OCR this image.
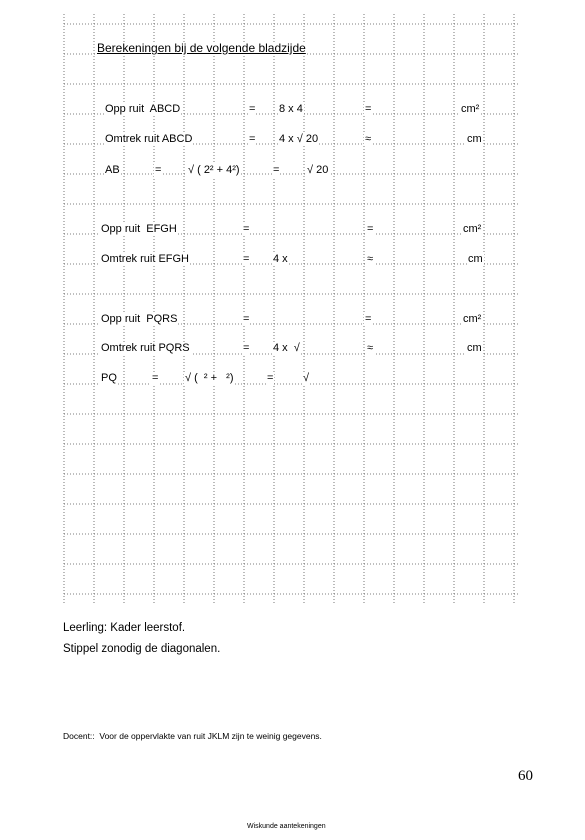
Berekeningen bij de volgende bladzijde
Opp ruit  ABCD	= 8 x 4	=	cm²
Omtrek ruit ABCD	= 4 x √ 20	≈	cm
AB	= √ ( 2² + 4²)	=	√ 20
Opp ruit  EFGH	=	=	cm²
Omtrek ruit EFGH	= 4 x	≈	cm
Opp ruit  PQRS	=	=	cm²
Omtrek ruit PQRS	= 4 x  √	≈	cm
PQ	= √ (  ² +   ²)	=	√
Leerling: Kader leerstof.
Stippel zonodig de diagonalen.
Docent::  Voor de oppervlakte van ruit JKLM zijn te weinig gegevens.
60
Wiskunde aantekeningen
